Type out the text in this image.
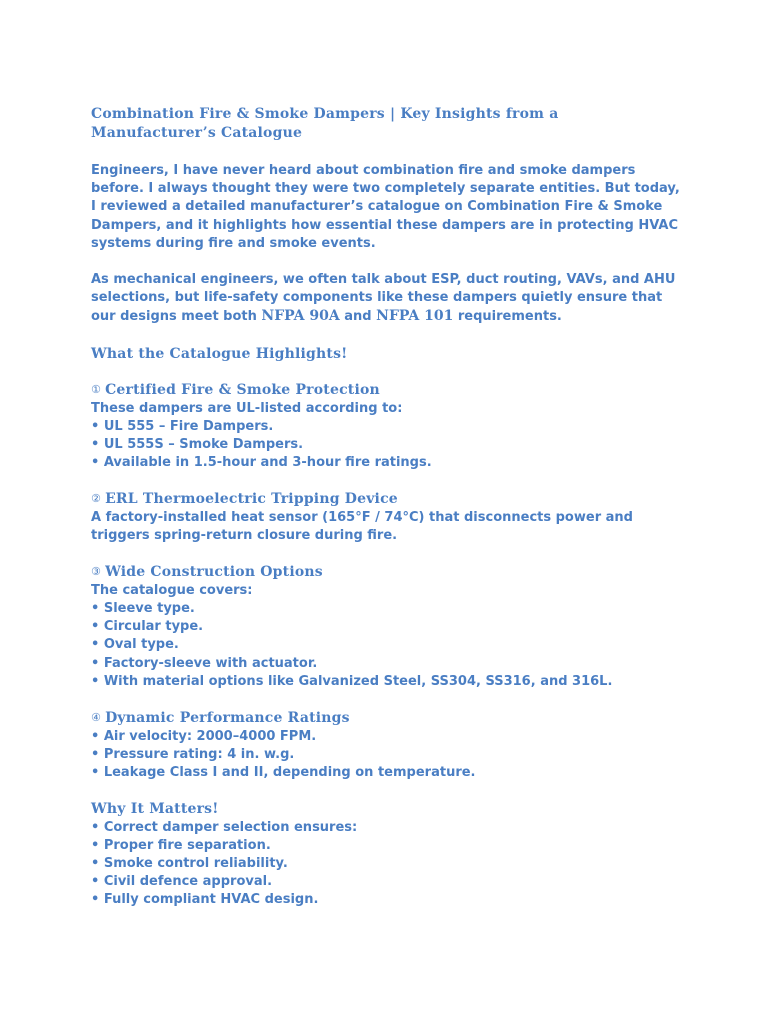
Combination Fire & Smoke Dampers | Key Insights from a Manufacturer’s Catalogue

Engineers, I have never heard about combination fire and smoke dampers before. I always thought they were two completely separate entities. But today, I reviewed a detailed manufacturer’s catalogue on Combination Fire & Smoke Dampers, and it highlights how essential these dampers are in protecting HVAC systems during fire and smoke events.

As mechanical engineers, we often talk about ESP, duct routing, VAVs, and AHU selections, but life-safety components like these dampers quietly ensure that our designs meet both NFPA 90A and NFPA 101 requirements.

What the Catalogue Highlights!
① Certified Fire & Smoke Protection

These dampers are UL-listed according to:

• UL 555 – Fire Dampers.

• UL 555S – Smoke Dampers.

• Available in 1.5-hour and 3-hour fire ratings.

② ERL Thermoelectric Tripping Device

A factory-installed heat sensor (165°F / 74°C) that disconnects power and triggers spring-return closure during fire.

③ Wide Construction Options

The catalogue covers:

• Sleeve type.

• Circular type.

• Oval type.

• Factory-sleeve with actuator.

• With material options like Galvanized Steel, SS304, SS316, and 316L.

④ Dynamic Performance Ratings

• Air velocity: 2000–4000 FPM.

• Pressure rating: 4 in. w.g.

• Leakage Class I and II, depending on temperature.

Why It Matters!

• Correct damper selection ensures:

• Proper fire separation.

• Smoke control reliability.

• Civil defence approval.

• Fully compliant HVAC design.
